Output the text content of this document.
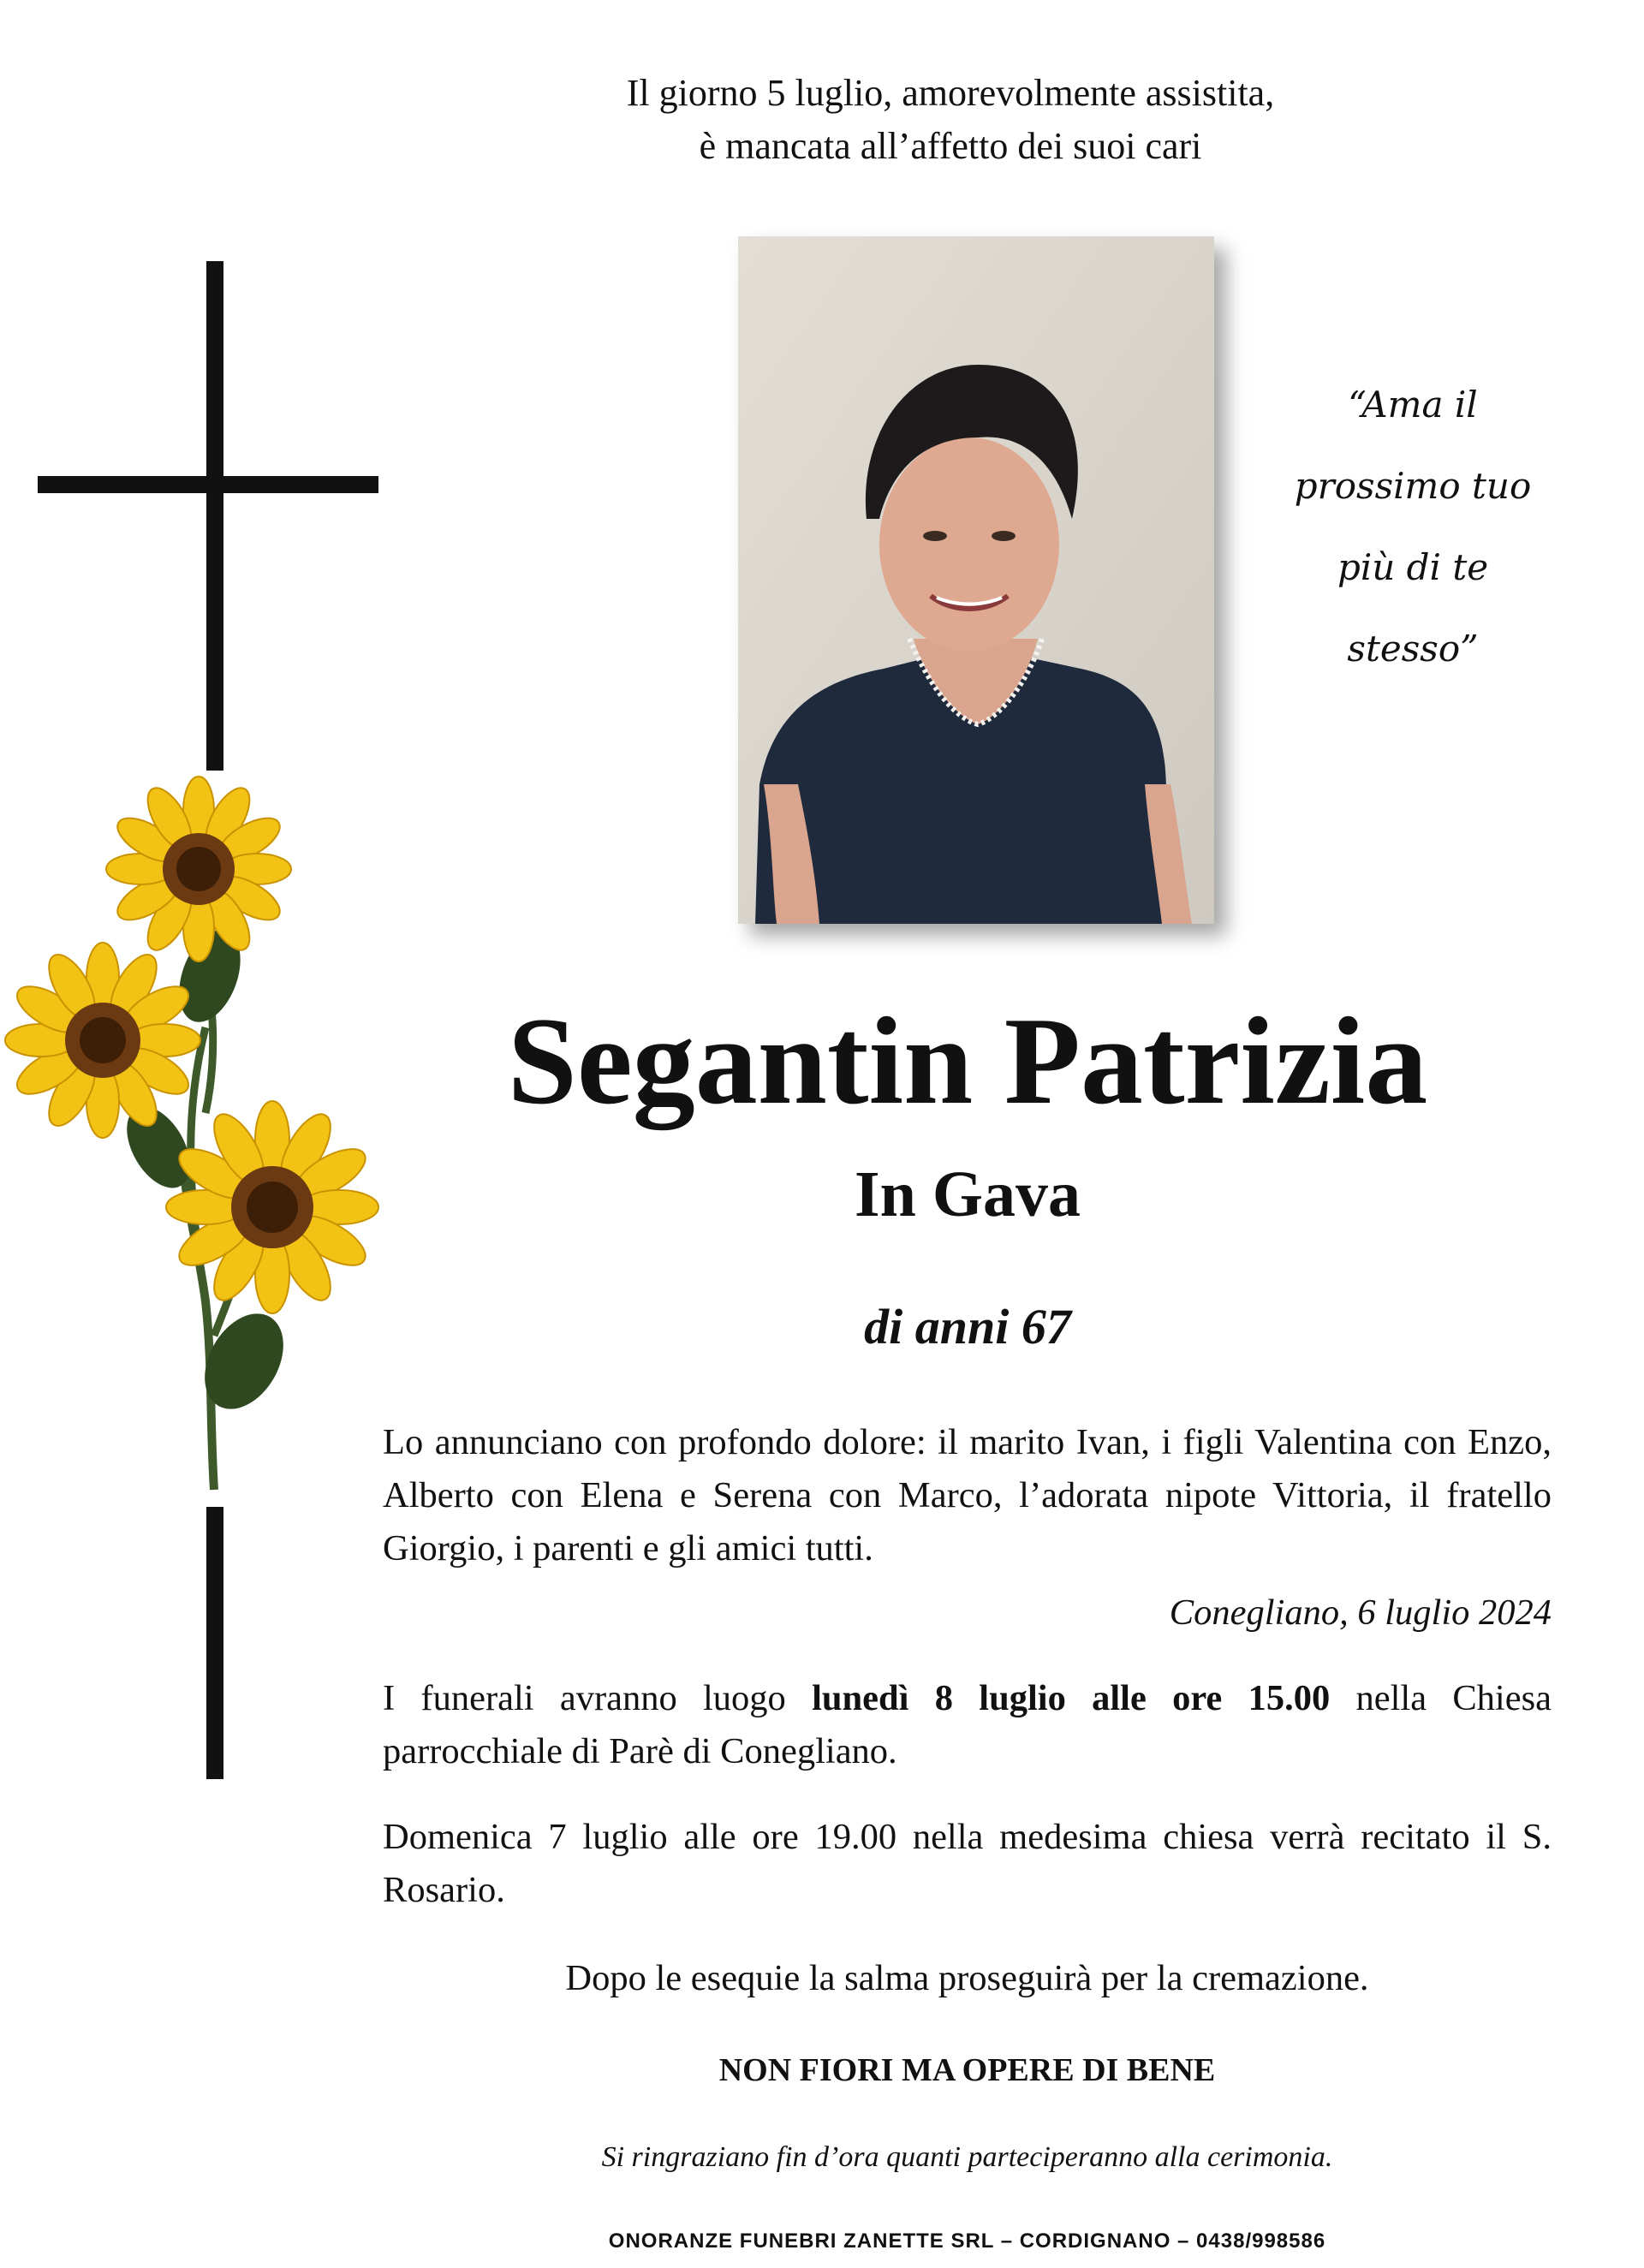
Il giorno 5 luglio, amorevolmente assistita,
è mancata all’affetto dei suoi cari
“Ama il
prossimo tuo
più di te
stesso”
Segantin Patrizia
In Gava
di anni 67
Lo annunciano con profondo dolore: il marito Ivan, i figli Valentina con Enzo, Alberto con Elena e Serena con Marco, l’adorata nipote Vittoria, il fratello Giorgio, i parenti e gli amici tutti.
Conegliano, 6 luglio 2024
I funerali avranno luogo lunedì 8 luglio alle ore 15.00 nella Chiesa parrocchiale di Parè di Conegliano.
Domenica 7 luglio alle ore 19.00 nella medesima chiesa verrà recitato il S. Rosario.
Dopo le esequie la salma proseguirà per la cremazione.
NON FIORI MA OPERE DI BENE
Si ringraziano fin d’ora quanti parteciperanno alla cerimonia.
ONORANZE FUNEBRI ZANETTE SRL – CORDIGNANO – 0438/998586
